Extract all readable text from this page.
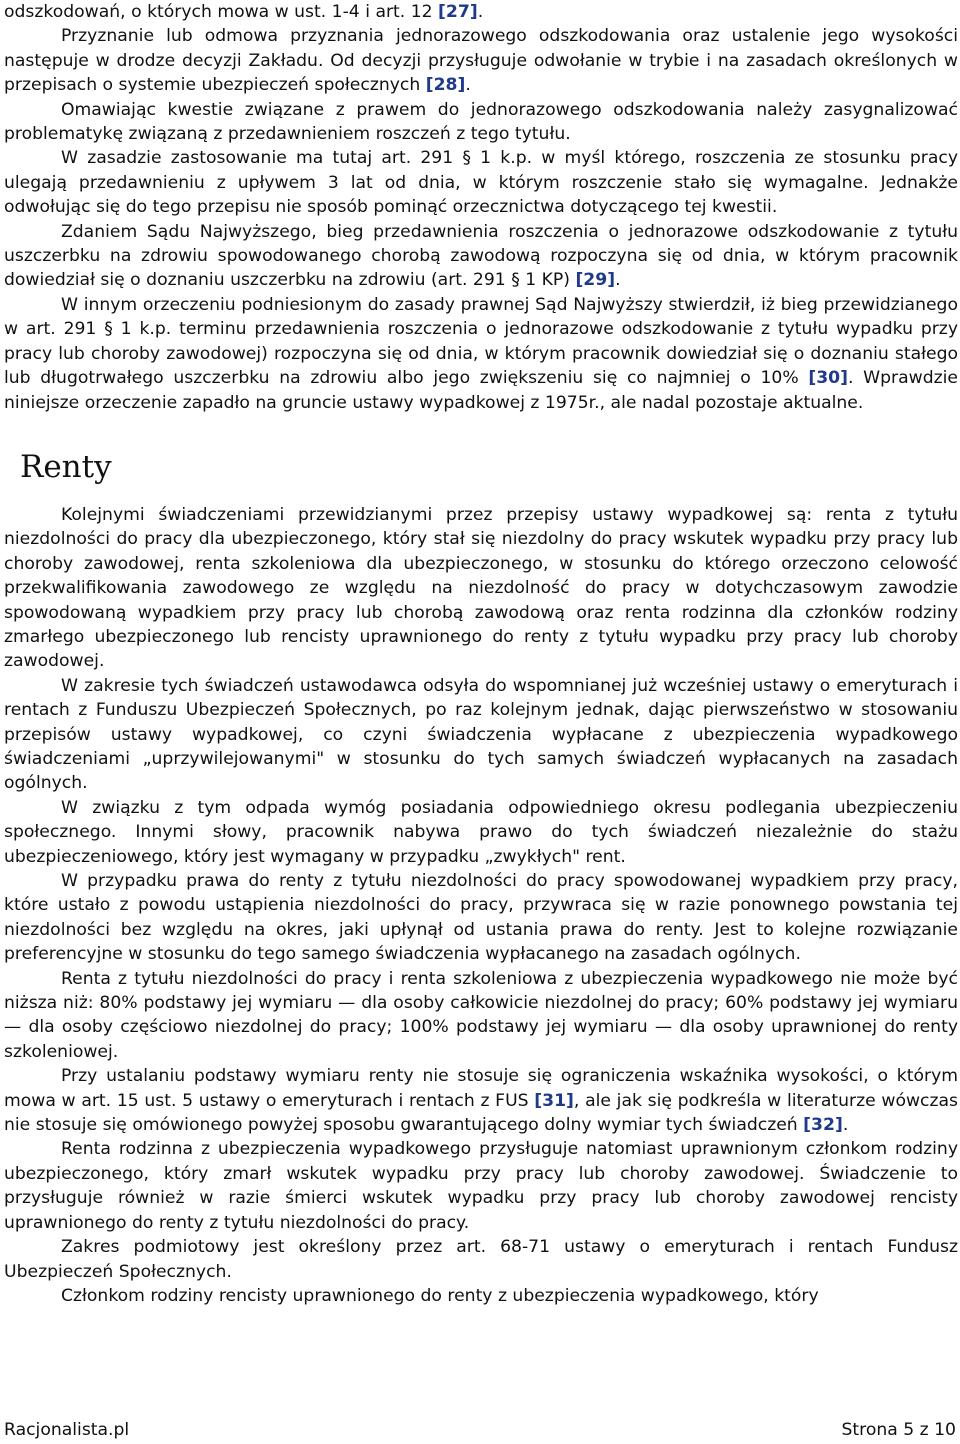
odszkodowań, o których mowa w ust. 1-4 i art. 12 [27].

Przyznanie lub odmowa przyznania jednorazowego odszkodowania oraz ustalenie jego wysokości następuje w drodze decyzji Zakładu. Od decyzji przysługuje odwołanie w trybie i na zasadach określonych w przepisach o systemie ubezpieczeń społecznych [28].

Omawiając kwestie związane z prawem do jednorazowego odszkodowania należy zasygnalizować problematykę związaną z przedawnieniem roszczeń z tego tytułu.

W zasadzie zastosowanie ma tutaj art. 291 § 1 k.p. w myśl którego, roszczenia ze stosunku pracy ulegają przedawnieniu z upływem 3 lat od dnia, w którym roszczenie stało się wymagalne. Jednakże odwołując się do tego przepisu nie sposób pominąć orzecznictwa dotyczącego tej kwestii.

Zdaniem Sądu Najwyższego, bieg przedawnienia roszczenia o jednorazowe odszkodowanie z tytułu uszczerbku na zdrowiu spowodowanego chorobą zawodową rozpoczyna się od dnia, w którym pracownik dowiedział się o doznaniu uszczerbku na zdrowiu (art. 291 § 1 KP) [29].

W innym orzeczeniu podniesionym do zasady prawnej Sąd Najwyższy stwierdził, iż bieg przewidzianego w art. 291 § 1 k.p. terminu przedawnienia roszczenia o jednorazowe odszkodowanie z tytułu wypadku przy pracy lub choroby zawodowej) rozpoczyna się od dnia, w którym pracownik dowiedział się o doznaniu stałego lub długotrwałego uszczerbku na zdrowiu albo jego zwiększeniu się co najmniej o 10% [30]. Wprawdzie niniejsze orzeczenie zapadło na gruncie ustawy wypadkowej z 1975r., ale nadal pozostaje aktualne.

Renty

Kolejnymi świadczeniami przewidzianymi przez przepisy ustawy wypadkowej są: renta z tytułu niezdolności do pracy dla ubezpieczonego, który stał się niezdolny do pracy wskutek wypadku przy pracy lub choroby zawodowej, renta szkoleniowa dla ubezpieczonego, w stosunku do którego orzeczono celowość przekwalifikowania zawodowego ze względu na niezdolność do pracy w dotychczasowym zawodzie spowodowaną wypadkiem przy pracy lub chorobą zawodową oraz renta rodzinna dla członków rodziny zmarłego ubezpieczonego lub rencisty uprawnionego do renty z tytułu wypadku przy pracy lub choroby zawodowej.

W zakresie tych świadczeń ustawodawca odsyła do wspomnianej już wcześniej ustawy o emeryturach i rentach z Funduszu Ubezpieczeń Społecznych, po raz kolejnym jednak, dając pierwszeństwo w stosowaniu przepisów ustawy wypadkowej, co czyni świadczenia wypłacane z ubezpieczenia wypadkowego świadczeniami „uprzywilejowanymi" w stosunku do tych samych świadczeń wypłacanych na zasadach ogólnych.

W związku z tym odpada wymóg posiadania odpowiedniego okresu podlegania ubezpieczeniu społecznego. Innymi słowy, pracownik nabywa prawo do tych świadczeń niezależnie do stażu ubezpieczeniowego, który jest wymagany w przypadku „zwykłych" rent.

W przypadku prawa do renty z tytułu niezdolności do pracy spowodowanej wypadkiem przy pracy, które ustało z powodu ustąpienia niezdolności do pracy, przywraca się w razie ponownego powstania tej niezdolności bez względu na okres, jaki upłynął od ustania prawa do renty. Jest to kolejne rozwiązanie preferencyjne w stosunku do tego samego świadczenia wypłacanego na zasadach ogólnych.

Renta z tytułu niezdolności do pracy i renta szkoleniowa z ubezpieczenia wypadkowego nie może być niższa niż: 80% podstawy jej wymiaru — dla osoby całkowicie niezdolnej do pracy; 60% podstawy jej wymiaru — dla osoby częściowo niezdolnej do pracy; 100% podstawy jej wymiaru — dla osoby uprawnionej do renty szkoleniowej.

Przy ustalaniu podstawy wymiaru renty nie stosuje się ograniczenia wskaźnika wysokości, o którym mowa w art. 15 ust. 5 ustawy o emeryturach i rentach z FUS [31], ale jak się podkreśla w literaturze wówczas nie stosuje się omówionego powyżej sposobu gwarantującego dolny wymiar tych świadczeń [32].

Renta rodzinna z ubezpieczenia wypadkowego przysługuje natomiast uprawnionym członkom rodziny ubezpieczonego, który zmarł wskutek wypadku przy pracy lub choroby zawodowej. Świadczenie to przysługuje również w razie śmierci wskutek wypadku przy pracy lub choroby zawodowej rencisty uprawnionego do renty z tytułu niezdolności do pracy.

Zakres podmiotowy jest określony przez art. 68-71 ustawy o emeryturach i rentach Fundusz Ubezpieczeń Społecznych.

Członkom rodziny rencisty uprawnionego do renty z ubezpieczenia wypadkowego, który

Racjonalista.pl	Strona 5 z 10
